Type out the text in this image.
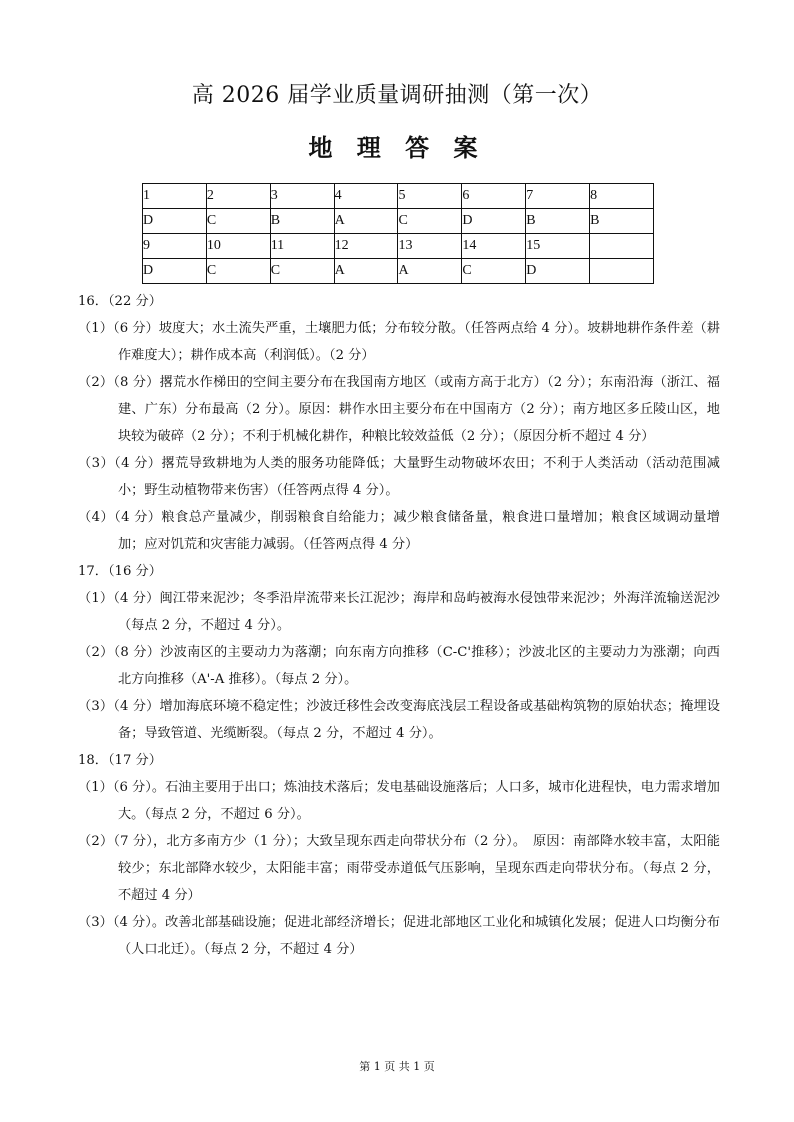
高 2026 届学业质量调研抽测（第一次）
地 理 答 案
1	2	3	4	5	6	7	8
D	C	B	A	C	D	B	B
9	10	11	12	13	14	15	
D	C	C	A	A	C	D	

16．（22 分）

（1）（6 分）坡度大；水土流失严重，土壤肥力低；分布较分散。（任答两点给 4 分）。坡耕地耕作条件差（耕作难度大）；耕作成本高（利润低）。（2 分）

（2）（8 分）撂荒水作梯田的空间主要分布在我国南方地区（或南方高于北方）（2 分）；东南沿海（浙江、福建、广东）分布最高（2 分）。原因：耕作水田主要分布在中国南方（2 分）；南方地区多丘陵山区，地块较为破碎（2 分）；不利于机械化耕作，种粮比较效益低（2 分）；（原因分析不超过 4 分）

（3）（4 分）撂荒导致耕地为人类的服务功能降低；大量野生动物破坏农田；不利于人类活动（活动范围减小；野生动植物带来伤害）（任答两点得 4 分）。

（4）（4 分）粮食总产量减少，削弱粮食自给能力；减少粮食储备量，粮食进口量增加；粮食区域调动量增加；应对饥荒和灾害能力减弱。（任答两点得 4 分）

17．（16 分）

（1）（4 分）闽江带来泥沙；冬季沿岸流带来长江泥沙；海岸和岛屿被海水侵蚀带来泥沙；外海洋流输送泥沙（每点 2 分，不超过 4 分）。

（2）（8 分）沙波南区的主要动力为落潮；向东南方向推移（C-C'推移）；沙波北区的主要动力为涨潮；向西北方向推移（A'-A 推移）。（每点 2 分）。

（3）（4 分）增加海底环境不稳定性；沙波迁移性会改变海底浅层工程设备或基础构筑物的原始状态；掩埋设备；导致管道、光缆断裂。（每点 2 分，不超过 4 分）。

18．（17 分）

（1）（6 分）。石油主要用于出口；炼油技术落后；发电基础设施落后；人口多，城市化进程快，电力需求增加大。（每点 2 分，不超过 6 分）。

（2）（7 分），北方多南方少（1 分）；大致呈现东西走向带状分布（2 分）。　原因：南部降水较丰富，太阳能较少；东北部降水较少，太阳能丰富；雨带受赤道低气压影响，呈现东西走向带状分布。（每点 2 分，不超过 4 分）

（3）（4 分）。改善北部基础设施；促进北部经济增长；促进北部地区工业化和城镇化发展；促进人口均衡分布（人口北迁）。（每点 2 分，不超过 4 分）

第 1 页 共 1 页
